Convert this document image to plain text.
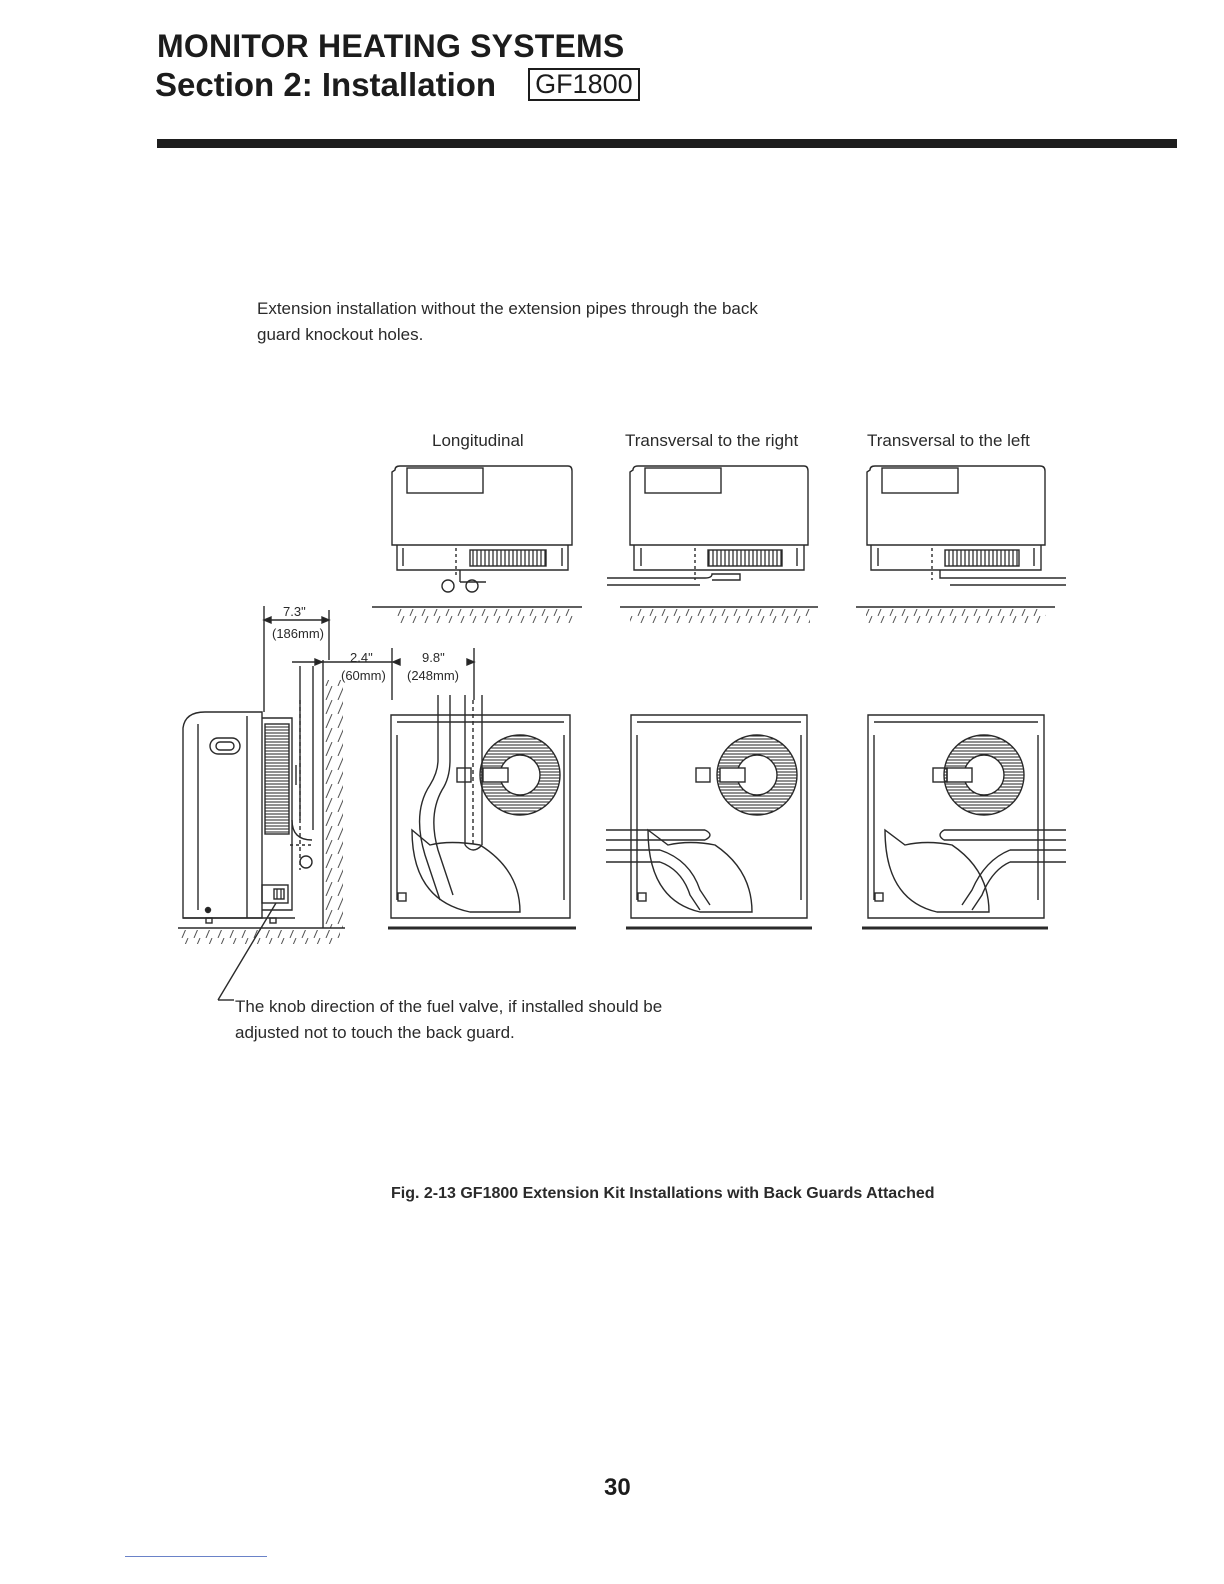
MONITOR HEATING SYSTEMS
Section 2: Installation GF1800
Extension installation without the extension pipes through the back guard knockout holes.
Longitudinal	Transversal to the right	Transversal to the left
7.3"
(186mm)
2.4"
(60mm)
9.8"
(248mm)
The knob direction of the fuel valve, if installed should be adjusted not to touch the back guard.
Fig. 2-13 GF1800 Extension Kit Installations with Back Guards Attached
30
